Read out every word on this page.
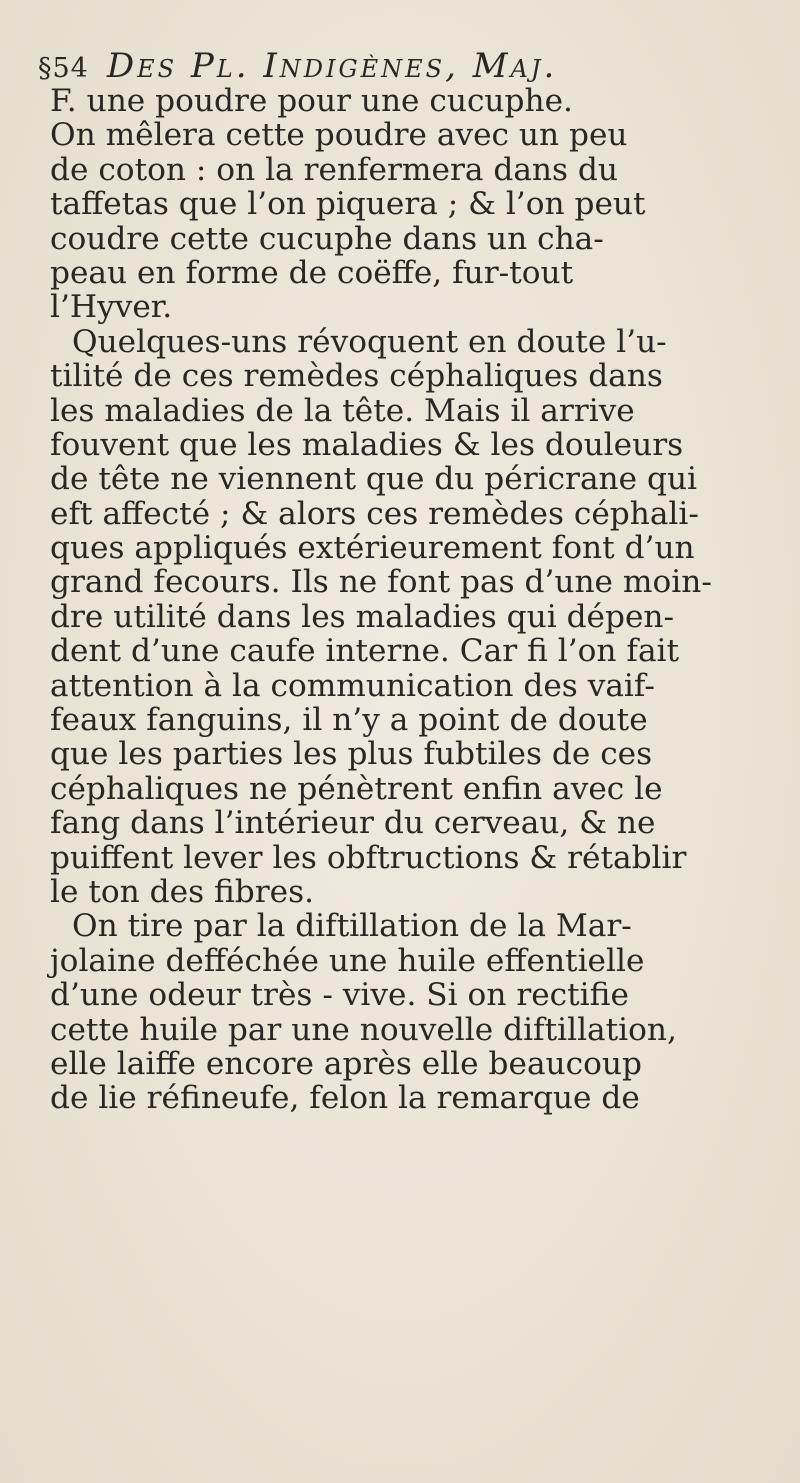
§54 Des Pl. Indigènes, Maj.
F. une poudre pour une cucuphe.
On mêlera cette poudre avec un peu
de coton : on la renfermera dans du
taffetas que l’on piquera ; & l’on peut
coudre cette cucuphe dans un cha-
peau en forme de coëffe, fur-tout
l’Hyver.
Quelques-uns révoquent en doute l’u-
tilité de ces remèdes céphaliques dans
les maladies de la tête. Mais il arrive
fouvent que les maladies & les douleurs
de tête ne viennent que du péricrane qui
eft affecté ; & alors ces remèdes céphali-
ques appliqués extérieurement font d’un
grand fecours. Ils ne font pas d’une moin-
dre utilité dans les maladies qui dépen-
dent d’une caufe interne. Car fi l’on fait
attention à la communication des vaif-
feaux fanguins, il n’y a point de doute
que les parties les plus fubtiles de ces
céphaliques ne pénètrent enfin avec le
fang dans l’intérieur du cerveau, & ne
puiffent lever les obftructions & rétablir
le ton des fibres.
On tire par la diftillation de la Mar-
jolaine defféchée une huile effentielle
d’une odeur très - vive. Si on rectifie
cette huile par une nouvelle diftillation,
elle laiffe encore après elle beaucoup
de lie réfineufe, felon la remarque de
